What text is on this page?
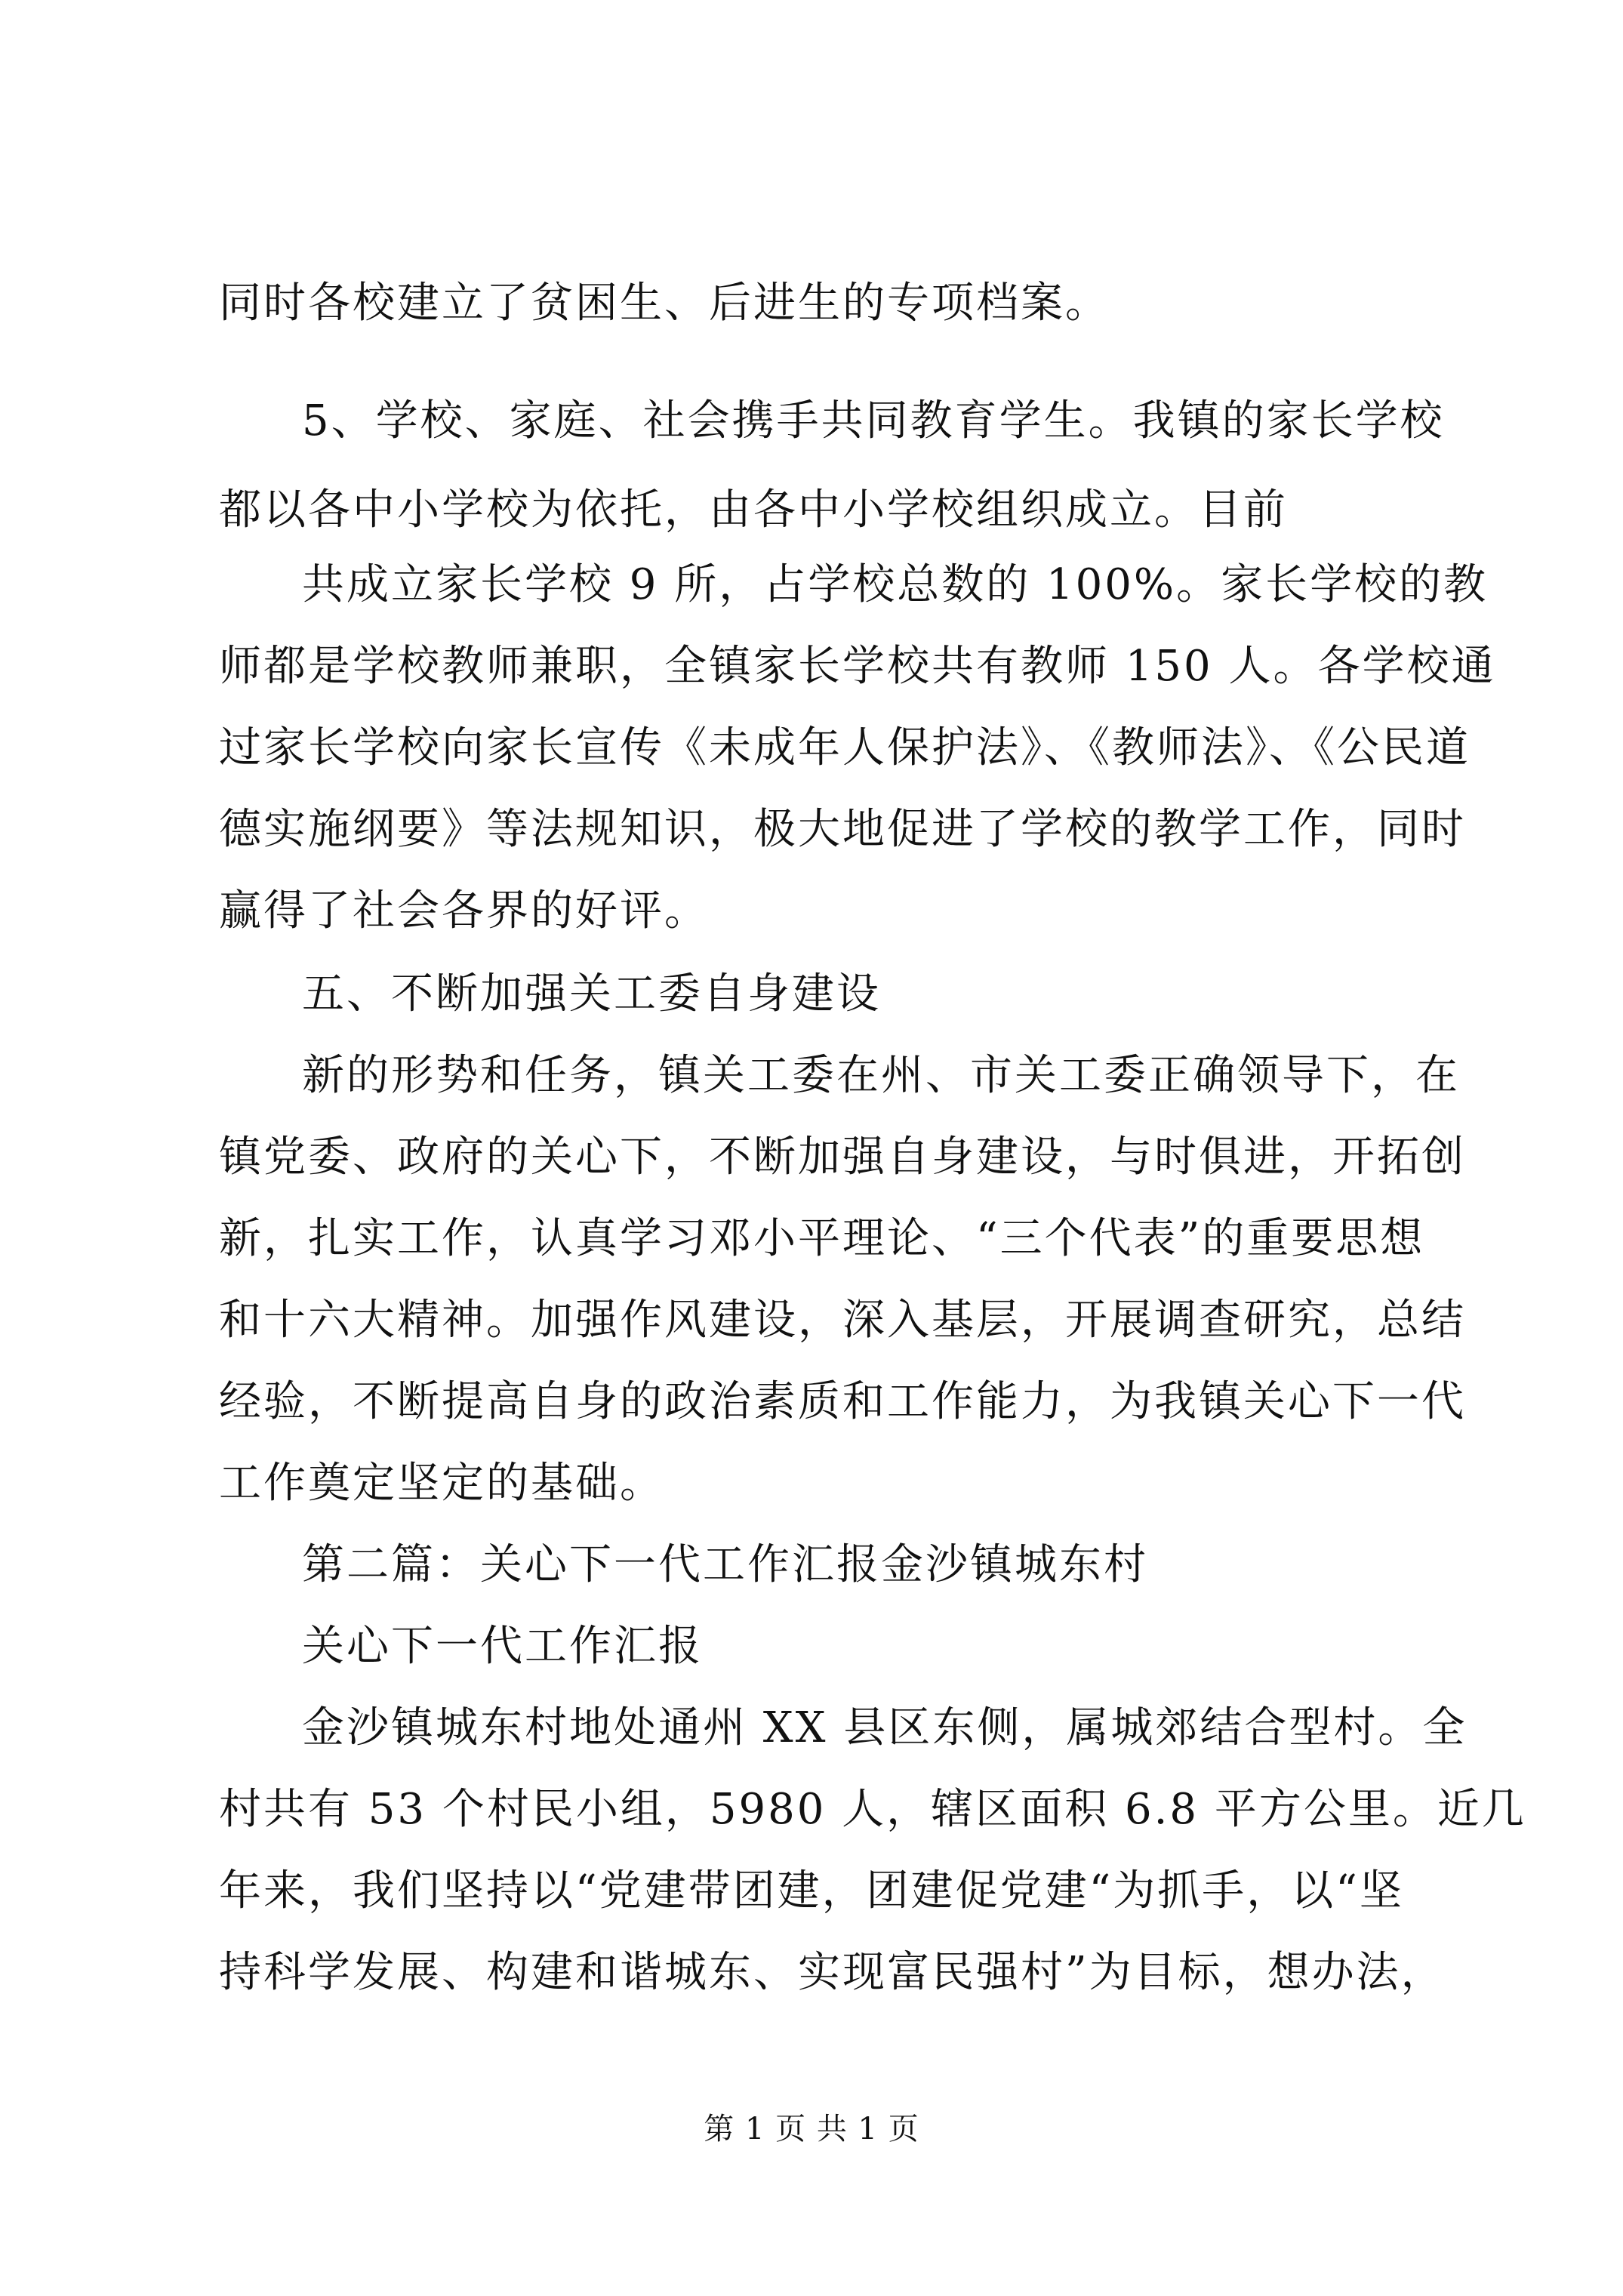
同时各校建立了贫困生、后进生的专项档案。
5、学校、家庭、社会携手共同教育学生。我镇的家长学校
都以各中小学校为依托，由各中小学校组织成立。目前
共成立家长学校 9 所，占学校总数的 100%。家长学校的教
师都是学校教师兼职，全镇家长学校共有教师 150 人。各学校通
过家长学校向家长宣传《未成年人保护法》、《教师法》、《公民道
德实施纲要》等法规知识，极大地促进了学校的教学工作，同时
赢得了社会各界的好评。
五、不断加强关工委自身建设
新的形势和任务，镇关工委在州、市关工委正确领导下，在
镇党委、政府的关心下，不断加强自身建设，与时俱进，开拓创
新，扎实工作，认真学习邓小平理论、“三个代表”的重要思想
和十六大精神。加强作风建设，深入基层，开展调查研究，总结
经验，不断提高自身的政治素质和工作能力，为我镇关心下一代
工作奠定坚定的基础。
第二篇：关心下一代工作汇报金沙镇城东村
关心下一代工作汇报
金沙镇城东村地处通州 XX 县区东侧，属城郊结合型村。全
村共有 53 个村民小组，5980 人，辖区面积 6.8 平方公里。近几
年来，我们坚持以“党建带团建，团建促党建“为抓手，以“坚
持科学发展、构建和谐城东、实现富民强村”为目标，想办法，
第 1 页 共 1 页
